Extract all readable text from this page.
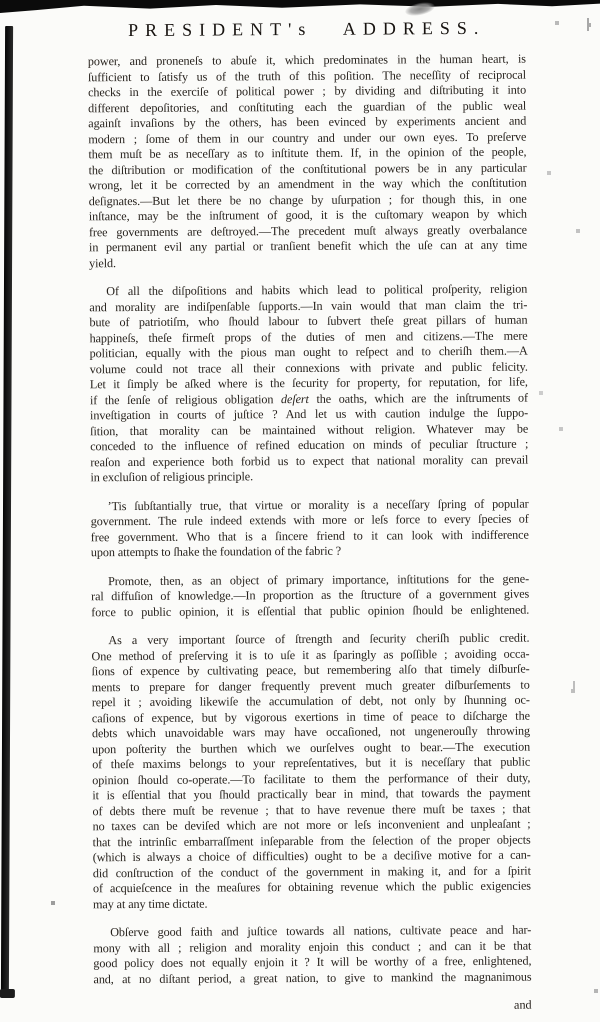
PRESIDENT's ADDRESS.
power, and proneneſs to abuſe it, which predominates in the human heart, is
ſufficient to ſatisfy us of the truth of this poſition. The neceſſity of reciprocal
checks in the exerciſe of political power ; by dividing and diſtributing it into
different depoſitories, and conſtituting each the guardian of the public weal
againſt invaſions by the others, has been evinced by experiments ancient and
modern ; ſome of them in our country and under our own eyes. To preſerve
them muſt be as neceſſary as to inſtitute them. If, in the opinion of the people,
the diſtribution or modification of the conſtitutional powers be in any particular
wrong, let it be corrected by an amendment in the way which the conſtitution
deſignates.—But let there be no change by uſurpation ; for though this, in one
inſtance, may be the inſtrument of good, it is the cuſtomary weapon by which
free governments are deſtroyed.—The precedent muſt always greatly overbalance
in permanent evil any partial or tranſient benefit which the uſe can at any time
yield.
Of all the diſpoſitions and habits which lead to political proſperity, religion
and morality are indiſpenſable ſupports.—In vain would that man claim the tri-
bute of patriotiſm, who ſhould labour to ſubvert theſe great pillars of human
happineſs, theſe firmeſt props of the duties of men and citizens.—The mere
politician, equally with the pious man ought to reſpect and to cheriſh them.—A
volume could not trace all their connexions with private and public felicity.
Let it ſimply be aſked where is the ſecurity for property, for reputation, for life,
if the ſenſe of religious obligation deſert the oaths, which are the inſtruments of
inveſtigation in courts of juſtice ? And let us with caution indulge the ſuppo-
ſition, that morality can be maintained without religion. Whatever may be
conceded to the influence of refined education on minds of peculiar ſtructure ;
reaſon and experience both forbid us to expect that national morality can prevail
in excluſion of religious principle.
’Tis ſubſtantially true, that virtue or morality is a neceſſary ſpring of popular
government. The rule indeed extends with more or leſs force to every ſpecies of
free government. Who that is a ſincere friend to it can look with indifference
upon attempts to ſhake the foundation of the fabric ?
Promote, then, as an object of primary importance, inſtitutions for the gene-
ral diffuſion of knowledge.—In proportion as the ſtructure of a government gives
force to public opinion, it is eſſential that public opinion ſhould be enlightened.
As a very important ſource of ſtrength and ſecurity cheriſh public credit.
One method of preſerving it is to uſe it as ſparingly as poſſible ; avoiding occa-
ſions of expence by cultivating peace, but remembering alſo that timely diſburſe-
ments to prepare for danger frequently prevent much greater diſburſements to
repel it ; avoiding likewiſe the accumulation of debt, not only by ſhunning oc-
caſions of expence, but by vigorous exertions in time of peace to diſcharge the
debts which unavoidable wars may have occaſioned, not ungenerouſly throwing
upon poſterity the burthen which we ourſelves ought to bear.—The execution
of theſe maxims belongs to your repreſentatives, but it is neceſſary that public
opinion ſhould co-operate.—To facilitate to them the performance of their duty,
it is eſſential that you ſhould practically bear in mind, that towards the payment
of debts there muſt be revenue ; that to have revenue there muſt be taxes ; that
no taxes can be deviſed which are not more or leſs inconvenient and unpleaſant ;
that the intrinſic embarraſſment inſeparable from the ſelection of the proper objects
(which is always a choice of difficulties) ought to be a deciſive motive for a can-
did conſtruction of the conduct of the government in making it, and for a ſpirit
of acquieſcence in the meaſures for obtaining revenue which the public exigencies
may at any time dictate.
Obſerve good faith and juſtice towards all nations, cultivate peace and har-
mony with all ; religion and morality enjoin this conduct ; and can it be that
good policy does not equally enjoin it ? It will be worthy of a free, enlightened,
and, at no diſtant period, a great nation, to give to mankind the magnanimous
and
